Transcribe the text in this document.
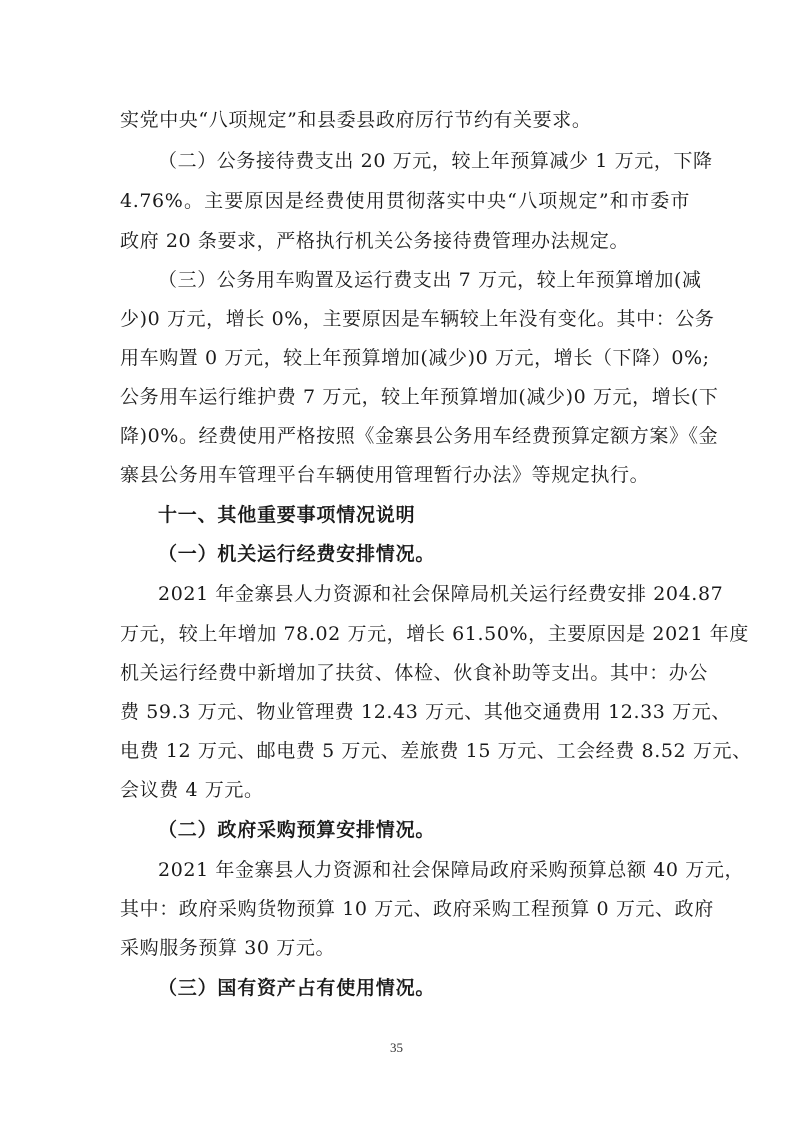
实党中央“八项规定”和县委县政府厉行节约有关要求。
（二）公务接待费支出 20 万元，较上年预算减少 1 万元，下降
4.76%。主要原因是经费使用贯彻落实中央“八项规定”和市委市
政府 20 条要求，严格执行机关公务接待费管理办法规定。
（三）公务用车购置及运行费支出 7 万元，较上年预算增加(减
少)0 万元，增长 0%，主要原因是车辆较上年没有变化。其中：公务
用车购置 0 万元，较上年预算增加(减少)0 万元，增长（下降）0%;
公务用车运行维护费 7 万元，较上年预算增加(减少)0 万元，增长(下
降)0%。经费使用严格按照《金寨县公务用车经费预算定额方案》《金
寨县公务用车管理平台车辆使用管理暂行办法》等规定执行。
十一、其他重要事项情况说明
（一）机关运行经费安排情况。
2021 年金寨县人力资源和社会保障局机关运行经费安排 204.87
万元，较上年增加 78.02 万元，增长 61.50%，主要原因是 2021 年度
机关运行经费中新增加了扶贫、体检、伙食补助等支出。其中：办公
费 59.3 万元、物业管理费 12.43 万元、其他交通费用 12.33 万元、
电费 12 万元、邮电费 5 万元、差旅费 15 万元、工会经费 8.52 万元、
会议费 4 万元。
（二）政府采购预算安排情况。
2021 年金寨县人力资源和社会保障局政府采购预算总额 40 万元，
其中：政府采购货物预算 10 万元、政府采购工程预算 0 万元、政府
采购服务预算 30 万元。
（三）国有资产占有使用情况。
35
